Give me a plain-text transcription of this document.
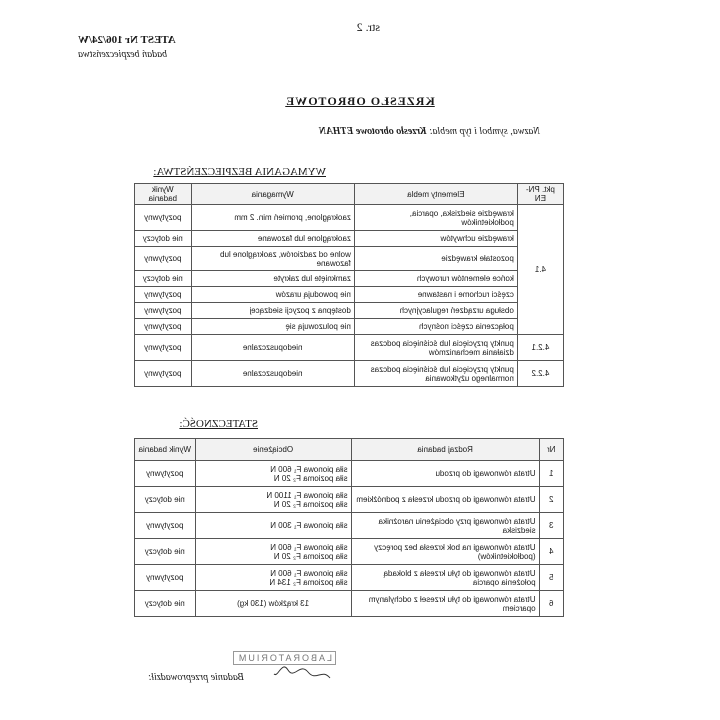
str. 2
ATEST Nr 106/24/W
badań bezpieczeństwa
KRZESŁO OBROTOWE
Nazwa, symbol i typ mebla: Krzesło obrotowe ETHAN
WYMAGANIA BEZPIECZEŃSTWA:
pkt. PN-EN	Elementy mebla	Wymagania	Wynik badania
4.1	krawędzie siedziska, oparcia, podłokietników	zaokrąglone, promień min. 2 mm	pozytywny
	krawędzie uchwytów	zaokrąglone lub fazowane	nie dotyczy
	pozostałe krawędzie	wolne od zadziorów, zaokrąglone lub fazowane	pozytywny
	końce elementów rurowych	zamknięte lub zakryte	nie dotyczy
	części ruchome i nastawne	nie powodują urazów	pozytywny
	obsługa urządzeń regulacyjnych	dostępna z pozycji siedzącej	pozytywny
	połączenia części nośnych	nie poluzowują się	pozytywny
4.2.1	punkty przycięcia lub ściśnięcia podczas działania mechanizmów	niedopuszczalne	pozytywny
4.2.2	punkty przycięcia lub ściśnięcia podczas normalnego użytkowania	niedopuszczalne	pozytywny
STATECZNOŚĆ:
Nr	Rodzaj badania	Obciążenie	Wynik badania
1	Utrata równowagi do przodu	siła pionowa F₁ 600 N
siła pozioma F₂ 20 N	pozytywny
2	Utrata równowagi do przodu krzesła z podnóżkiem	siła pionowa F₁ 1100 N
siła pozioma F₂ 20 N	nie dotyczy
3	Utrata równowagi przy obciążeniu narożnika siedziska	siła pionowa F₁ 300 N	pozytywny
4	Utrata równowagi na bok krzesła bez poręczy (podłokietników)	siła pionowa F₁ 600 N
siła pozioma F₂ 20 N	nie dotyczy
5	Utrata równowagi do tyłu krzesła z blokadą położenia oparcia	siła pionowa F₁ 600 N
siła pozioma F₂ 134 N	pozytywny
6	Utrata równowagi do tyłu krzeseł z odchylanym oparciem	13 krążków (130 kg)	nie dotyczy
LABORATORIUM
Badanie przeprowadził:
